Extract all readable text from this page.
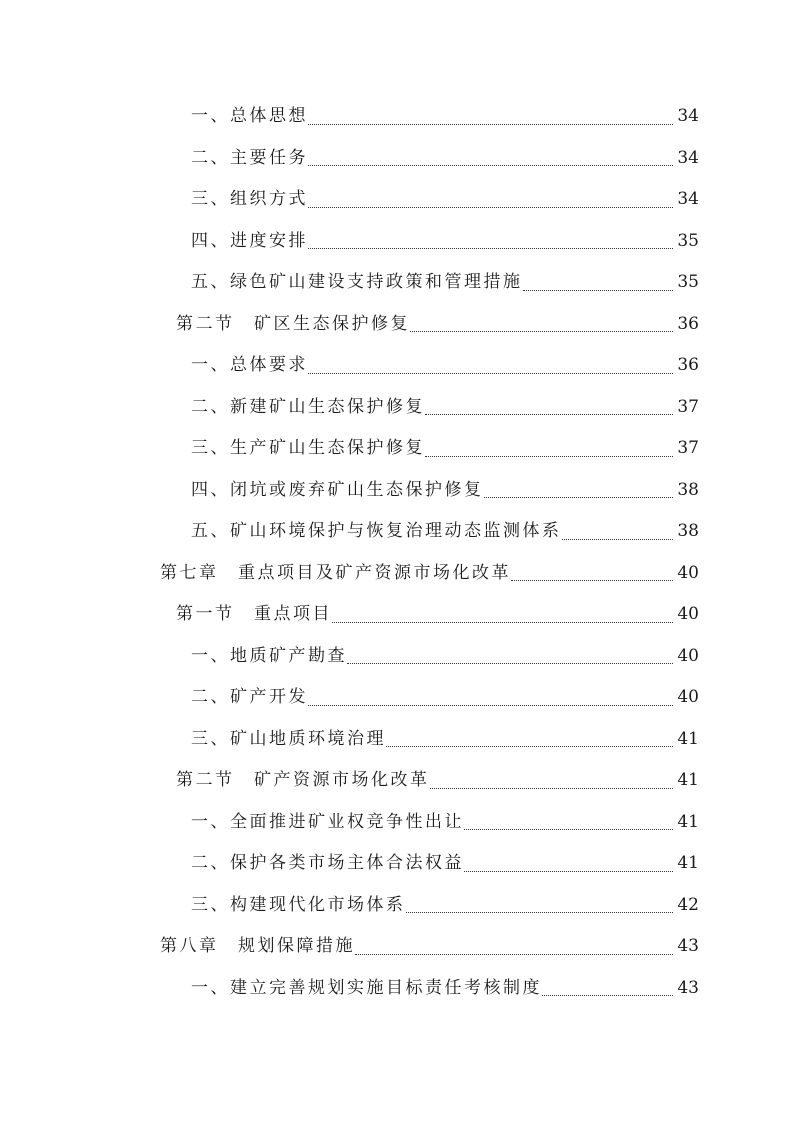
一、总体思想	34
二、主要任务	34
三、组织方式	34
四、进度安排	35
五、绿色矿山建设支持政策和管理措施	35
第二节　矿区生态保护修复	36
一、总体要求	36
二、新建矿山生态保护修复	37
三、生产矿山生态保护修复	37
四、闭坑或废弃矿山生态保护修复	38
五、矿山环境保护与恢复治理动态监测体系	38
第七章　重点项目及矿产资源市场化改革	40
第一节　重点项目	40
一、地质矿产勘查	40
二、矿产开发	40
三、矿山地质环境治理	41
第二节　矿产资源市场化改革	41
一、全面推进矿业权竞争性出让	41
二、保护各类市场主体合法权益	41
三、构建现代化市场体系	42
第八章　规划保障措施	43
一、建立完善规划实施目标责任考核制度	43
